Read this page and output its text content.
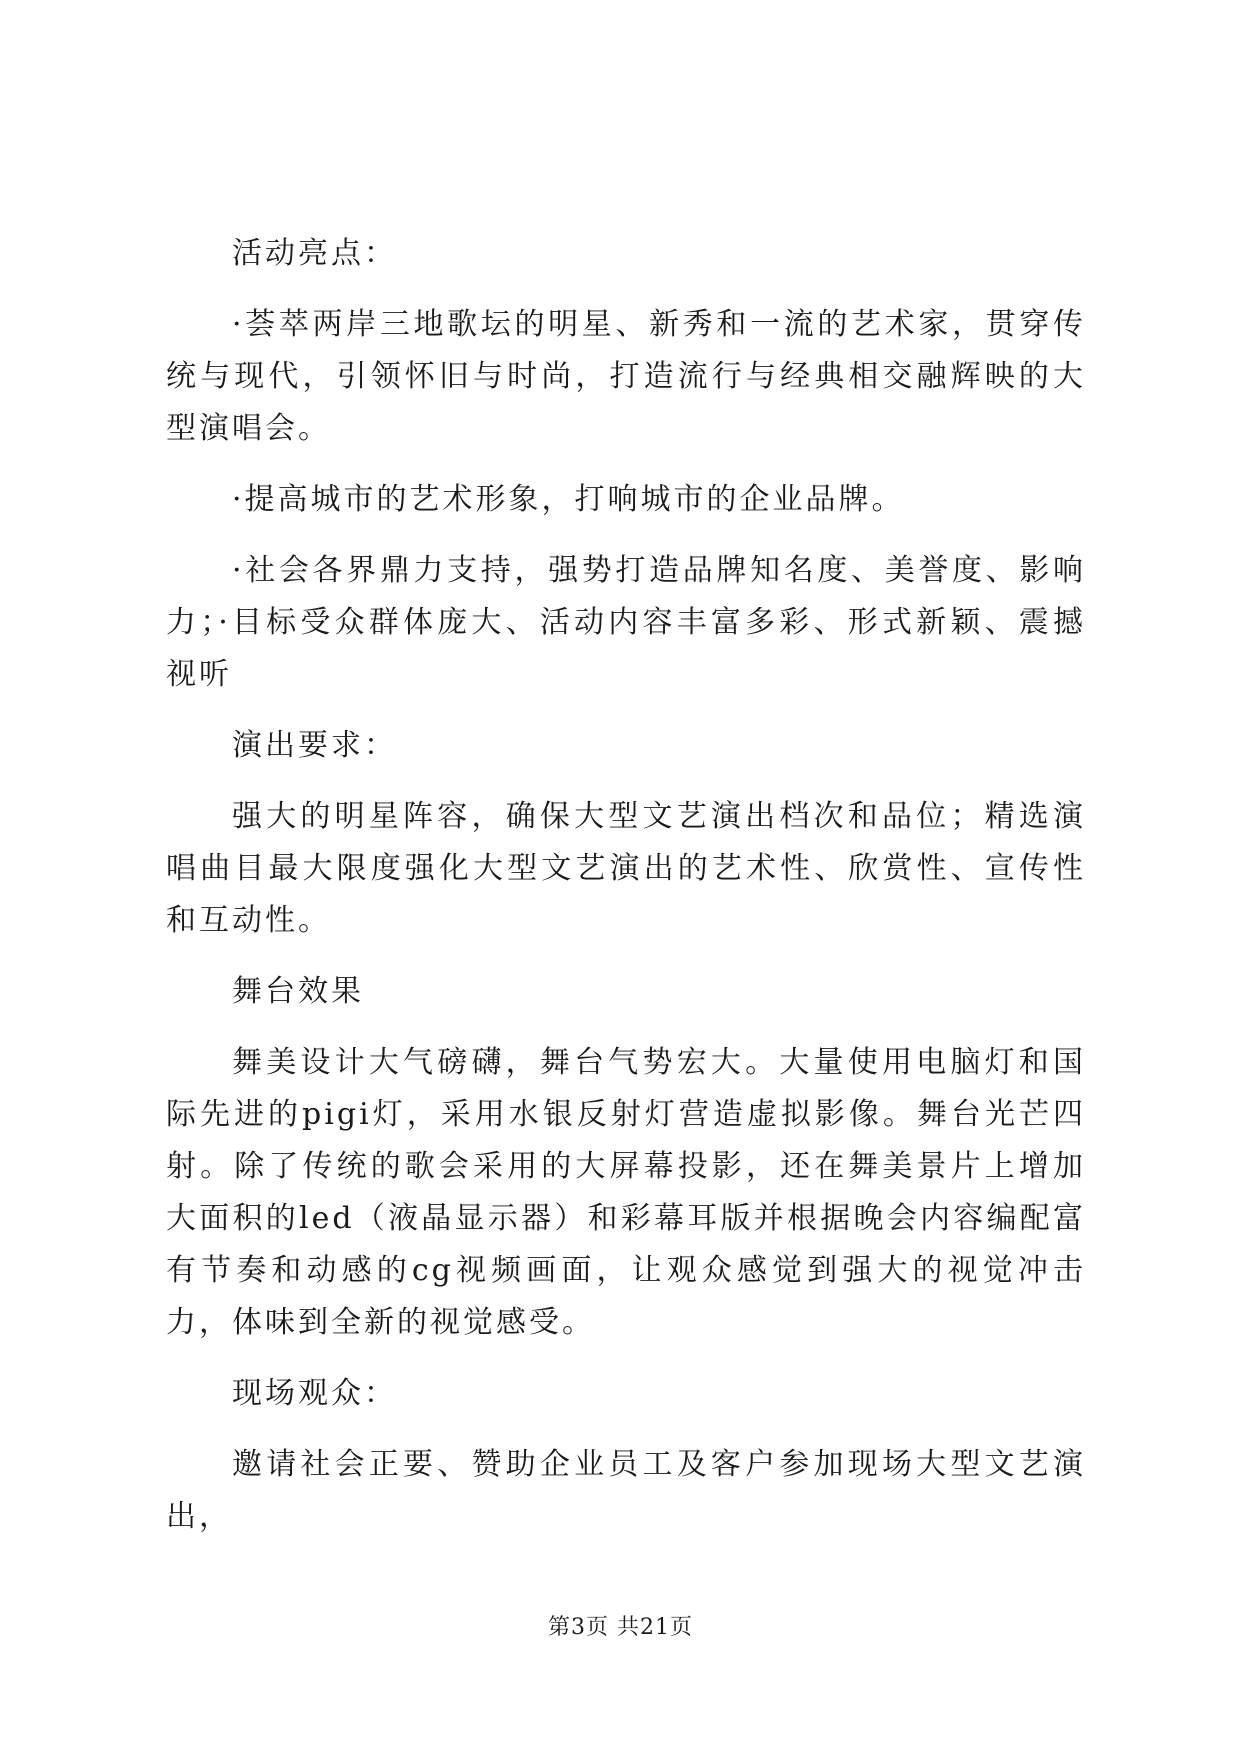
活动亮点：

·荟萃两岸三地歌坛的明星、新秀和一流的艺术家，贯穿传统与现代，引领怀旧与时尚，打造流行与经典相交融辉映的大型演唱会。

·提高城市的艺术形象，打响城市的企业品牌。

·社会各界鼎力支持，强势打造品牌知名度、美誉度、影响力；·目标受众群体庞大、活动内容丰富多彩、形式新颖、震撼视听

演出要求：

强大的明星阵容，确保大型文艺演出档次和品位；精选演唱曲目最大限度强化大型文艺演出的艺术性、欣赏性、宣传性和互动性。

舞台效果

舞美设计大气磅礴，舞台气势宏大。大量使用电脑灯和国际先进的pigi灯，采用水银反射灯营造虚拟影像。舞台光芒四射。除了传统的歌会采用的大屏幕投影，还在舞美景片上增加大面积的led（液晶显示器）和彩幕耳版并根据晚会内容编配富有节奏和动感的cg视频画面，让观众感觉到强大的视觉冲击力，体味到全新的视觉感受。

现场观众：

邀请社会正要、赞助企业员工及客户参加现场大型文艺演出，

第3页 共21页
